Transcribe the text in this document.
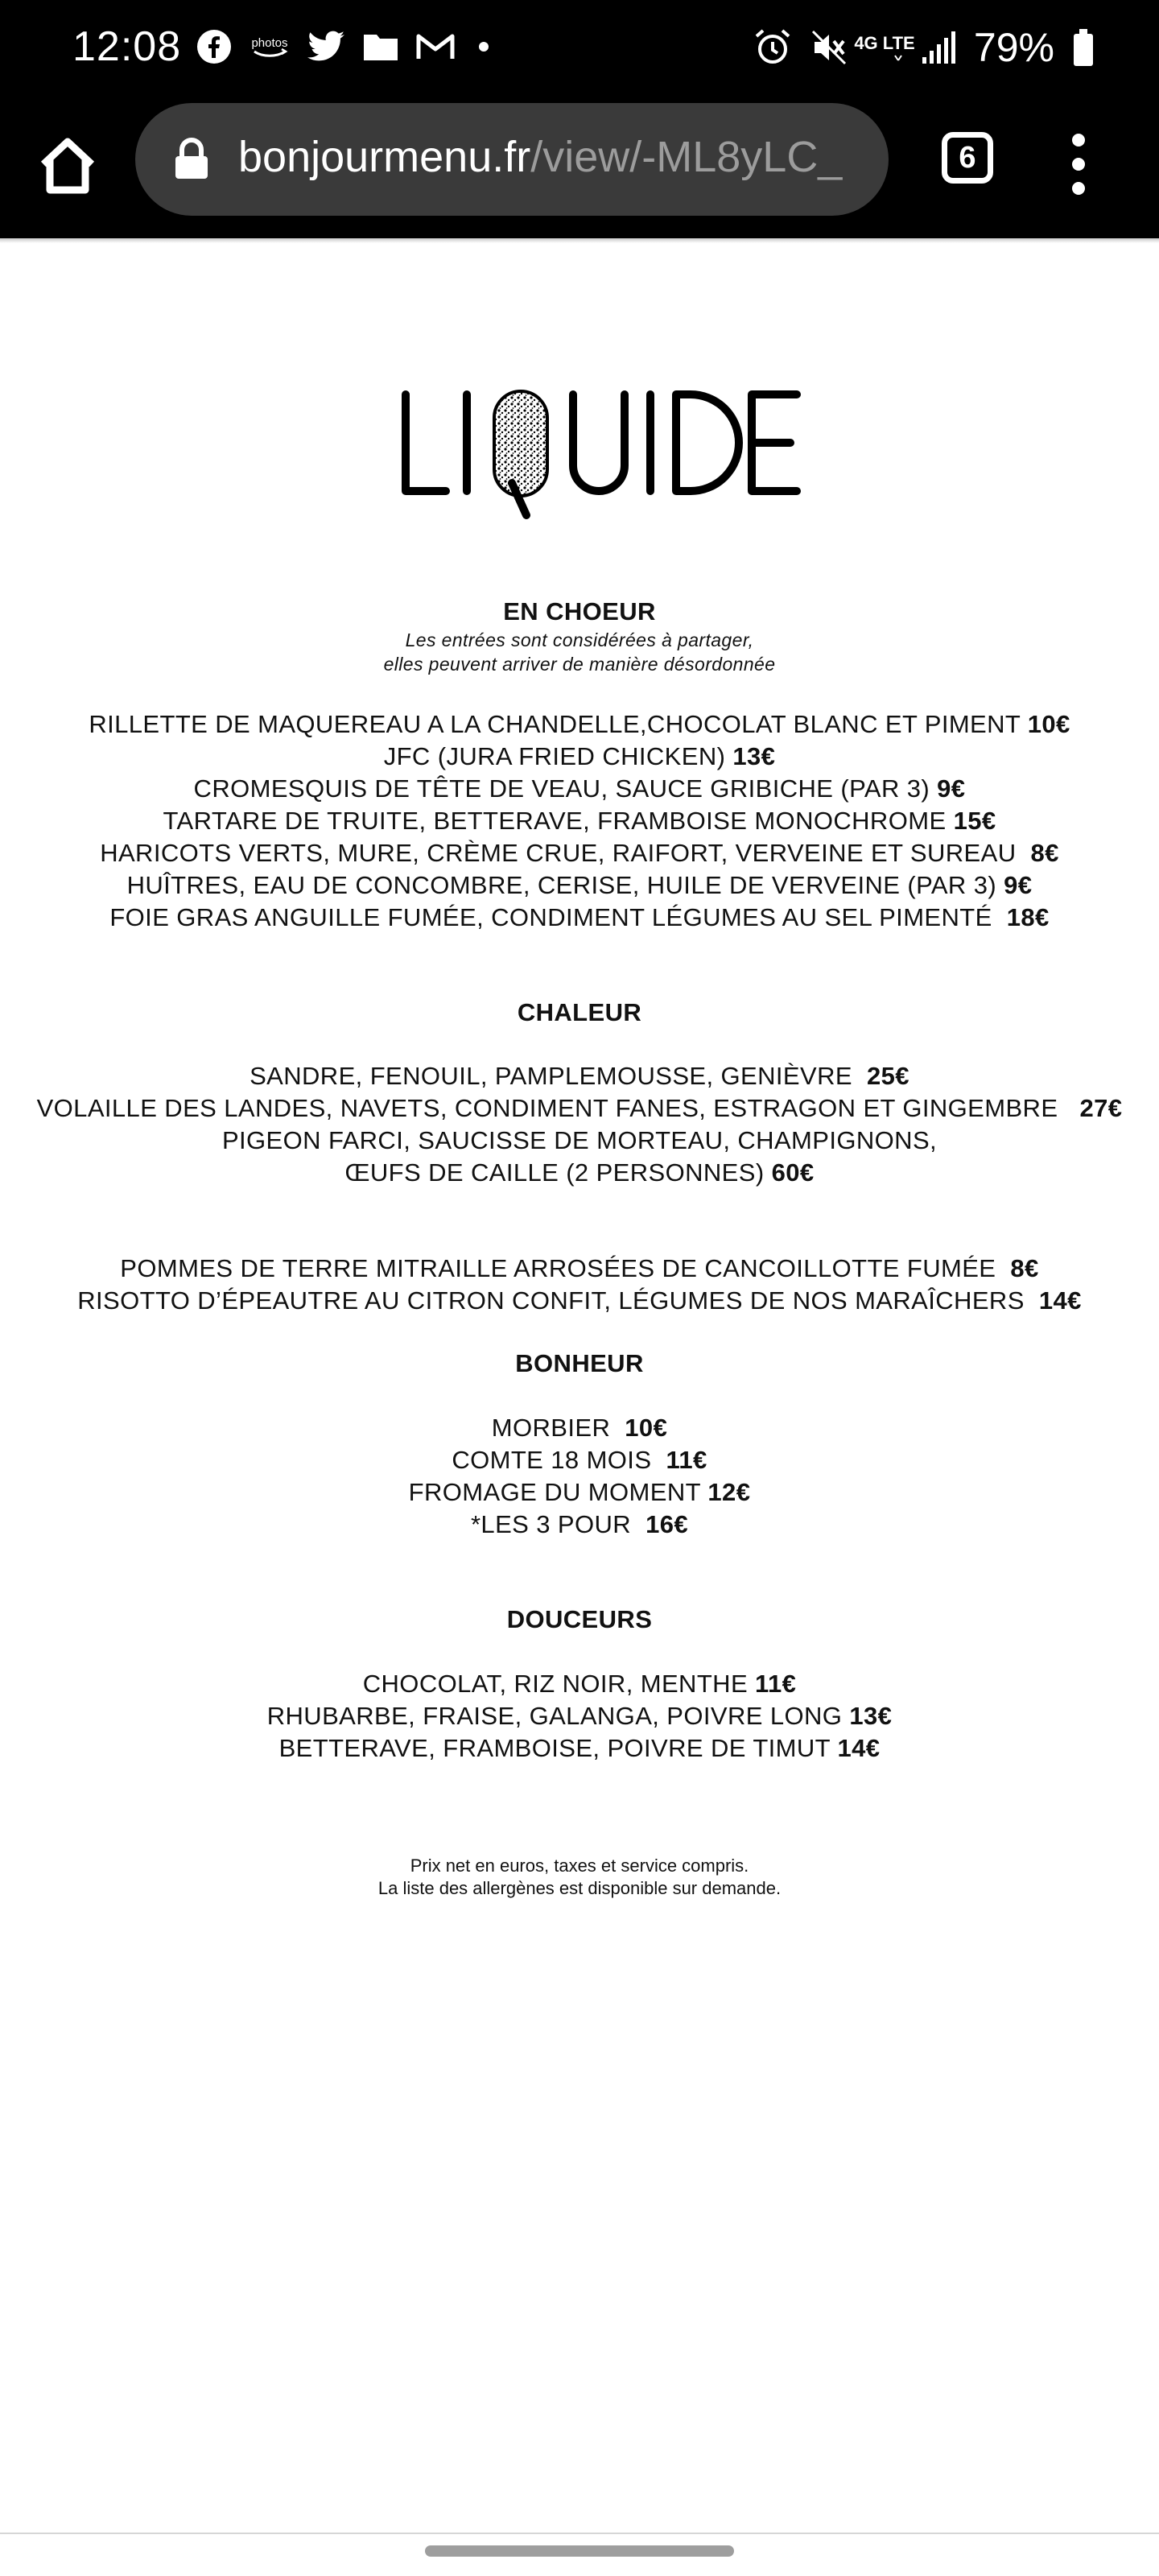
12:08	photos	4G LTE 79%
bonjourmenu.fr/view/-ML8yLC_	6
EN CHOEUR
Les entrées sont considérées à partager,
elles peuvent arriver de manière désordonnée
RILLETTE DE MAQUEREAU A LA CHANDELLE,CHOCOLAT BLANC ET PIMENT 10€
JFC (JURA FRIED CHICKEN) 13€
CROMESQUIS DE TÊTE DE VEAU, SAUCE GRIBICHE (PAR 3) 9€
TARTARE DE TRUITE, BETTERAVE, FRAMBOISE MONOCHROME 15€
HARICOTS VERTS, MURE, CRÈME CRUE, RAIFORT, VERVEINE ET SUREAU 8€
HUÎTRES, EAU DE CONCOMBRE, CERISE, HUILE DE VERVEINE (PAR 3) 9€
FOIE GRAS ANGUILLE FUMÉE, CONDIMENT LÉGUMES AU SEL PIMENTÉ 18€
CHALEUR
SANDRE, FENOUIL, PAMPLEMOUSSE, GENIÈVRE 25€
VOLAILLE DES LANDES, NAVETS, CONDIMENT FANES, ESTRAGON ET GINGEMBRE 27€
PIGEON FARCI, SAUCISSE DE MORTEAU, CHAMPIGNONS,
ŒUFS DE CAILLE (2 PERSONNES) 60€
POMMES DE TERRE MITRAILLE ARROSÉES DE CANCOILLOTTE FUMÉE 8€
RISOTTO D’ÉPEAUTRE AU CITRON CONFIT, LÉGUMES DE NOS MARAÎCHERS 14€
BONHEUR
MORBIER 10€
COMTE 18 MOIS 11€
FROMAGE DU MOMENT 12€
*LES 3 POUR 16€
DOUCEURS
CHOCOLAT, RIZ NOIR, MENTHE 11€
RHUBARBE, FRAISE, GALANGA, POIVRE LONG 13€
BETTERAVE, FRAMBOISE, POIVRE DE TIMUT 14€
Prix net en euros, taxes et service compris.
La liste des allergènes est disponible sur demande.
